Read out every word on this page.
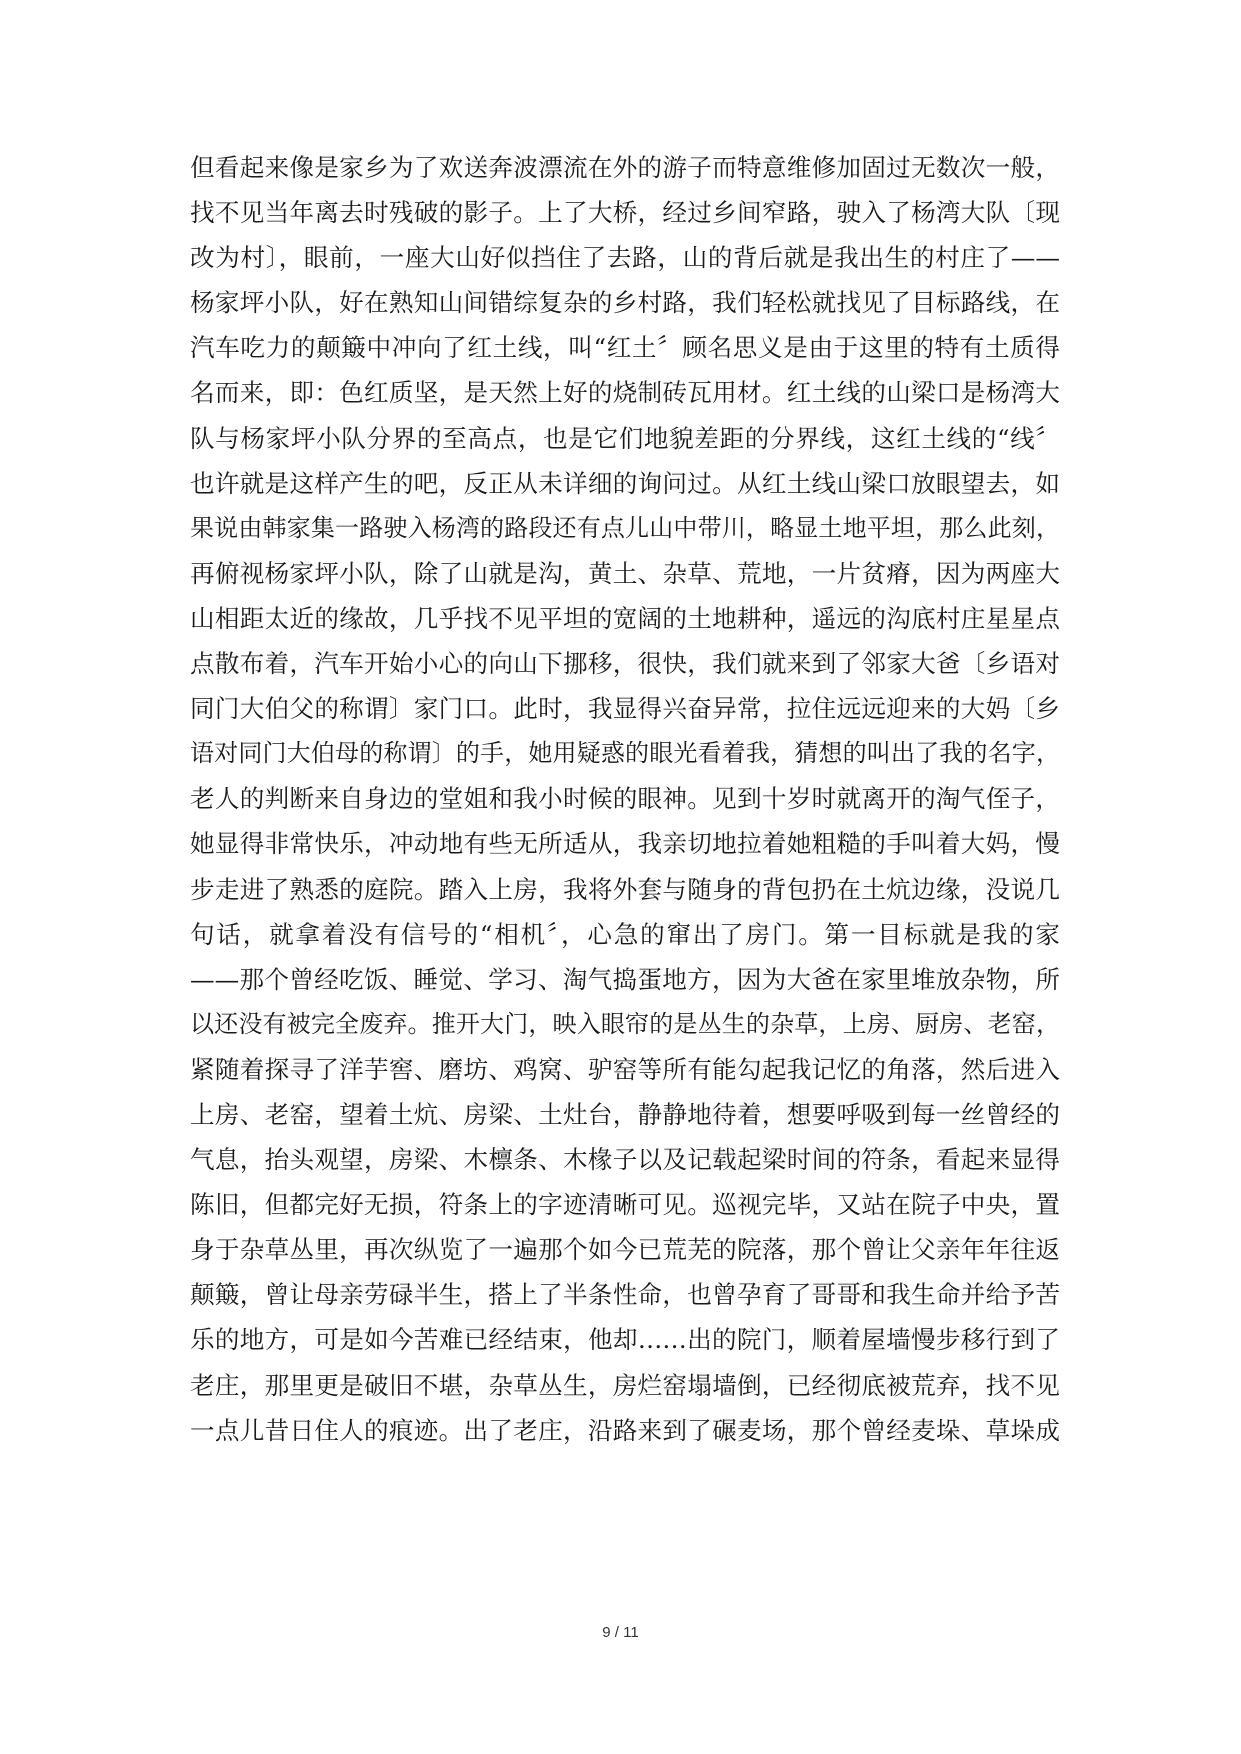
但看起来像是家乡为了欢送奔波漂流在外的游子而特意维修加固过无数次一般，
找不见当年离去时残破的影子。上了大桥，经过乡间窄路，驶入了杨湾大队〔现
改为村〕，眼前，一座大山好似挡住了去路，山的背后就是我出生的村庄了——
杨家坪小队，好在熟知山间错综复杂的乡村路，我们轻松就找见了目标路线，在
汽车吃力的颠簸中冲向了红土线，叫“红土〞顾名思义是由于这里的特有土质得
名而来，即：色红质坚，是天然上好的烧制砖瓦用材。红土线的山梁口是杨湾大
队与杨家坪小队分界的至高点，也是它们地貌差距的分界线，这红土线的“线〞
也许就是这样产生的吧，反正从未详细的询问过。从红土线山梁口放眼望去，如
果说由韩家集一路驶入杨湾的路段还有点儿山中带川，略显土地平坦，那么此刻，
再俯视杨家坪小队，除了山就是沟，黄土、杂草、荒地，一片贫瘠，因为两座大
山相距太近的缘故，几乎找不见平坦的宽阔的土地耕种，遥远的沟底村庄星星点
点散布着，汽车开始小心的向山下挪移，很快，我们就来到了邻家大爸〔乡语对
同门大伯父的称谓〕家门口。此时，我显得兴奋异常，拉住远远迎来的大妈〔乡
语对同门大伯母的称谓〕的手，她用疑惑的眼光看着我，猜想的叫出了我的名字，
老人的判断来自身边的堂姐和我小时候的眼神。见到十岁时就离开的淘气侄子，
她显得非常快乐，冲动地有些无所适从，我亲切地拉着她粗糙的手叫着大妈，慢
步走进了熟悉的庭院。踏入上房，我将外套与随身的背包扔在土炕边缘，没说几
句话，就拿着没有信号的“相机〞，心急的窜出了房门。第一目标就是我的家
——那个曾经吃饭、睡觉、学习、淘气捣蛋地方，因为大爸在家里堆放杂物，所
以还没有被完全废弃。推开大门，映入眼帘的是丛生的杂草，上房、厨房、老窑，
紧随着探寻了洋芋窖、磨坊、鸡窝、驴窑等所有能勾起我记忆的角落，然后进入
上房、老窑，望着土炕、房梁、土灶台，静静地待着，想要呼吸到每一丝曾经的
气息，抬头观望，房梁、木檩条、木椽子以及记载起梁时间的符条，看起来显得
陈旧，但都完好无损，符条上的字迹清晰可见。巡视完毕，又站在院子中央，置
身于杂草丛里，再次纵览了一遍那个如今已荒芜的院落，那个曾让父亲年年往返
颠簸，曾让母亲劳碌半生，搭上了半条性命，也曾孕育了哥哥和我生命并给予苦
乐的地方，可是如今苦难已经结束，他却……出的院门，顺着屋墙慢步移行到了
老庄，那里更是破旧不堪，杂草丛生，房烂窑塌墙倒，已经彻底被荒弃，找不见
一点儿昔日住人的痕迹。出了老庄，沿路来到了碾麦场，那个曾经麦垛、草垛成
9 / 11
